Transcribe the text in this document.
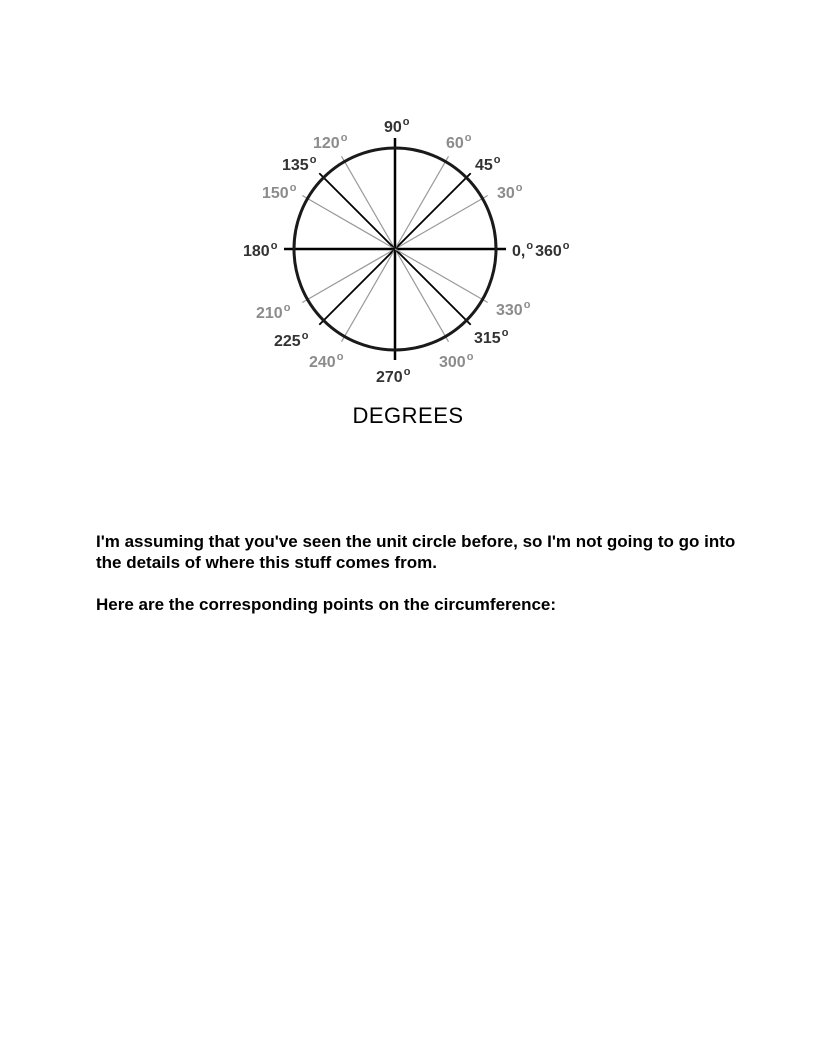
0,$^o$ 360$^o$
30$^o$
45$^o$
60$^o$
90$^o$
120$^o$
135$^o$
150$^o$
180$^o$
210$^o$
225$^o$
240$^o$
270$^o$
300$^o$
315$^o$
330$^o$
DEGREES

I'm assuming that you've seen the unit circle before, so I'm not going to go into the details of where this stuff comes from.

Here are the corresponding points on the circumference:
